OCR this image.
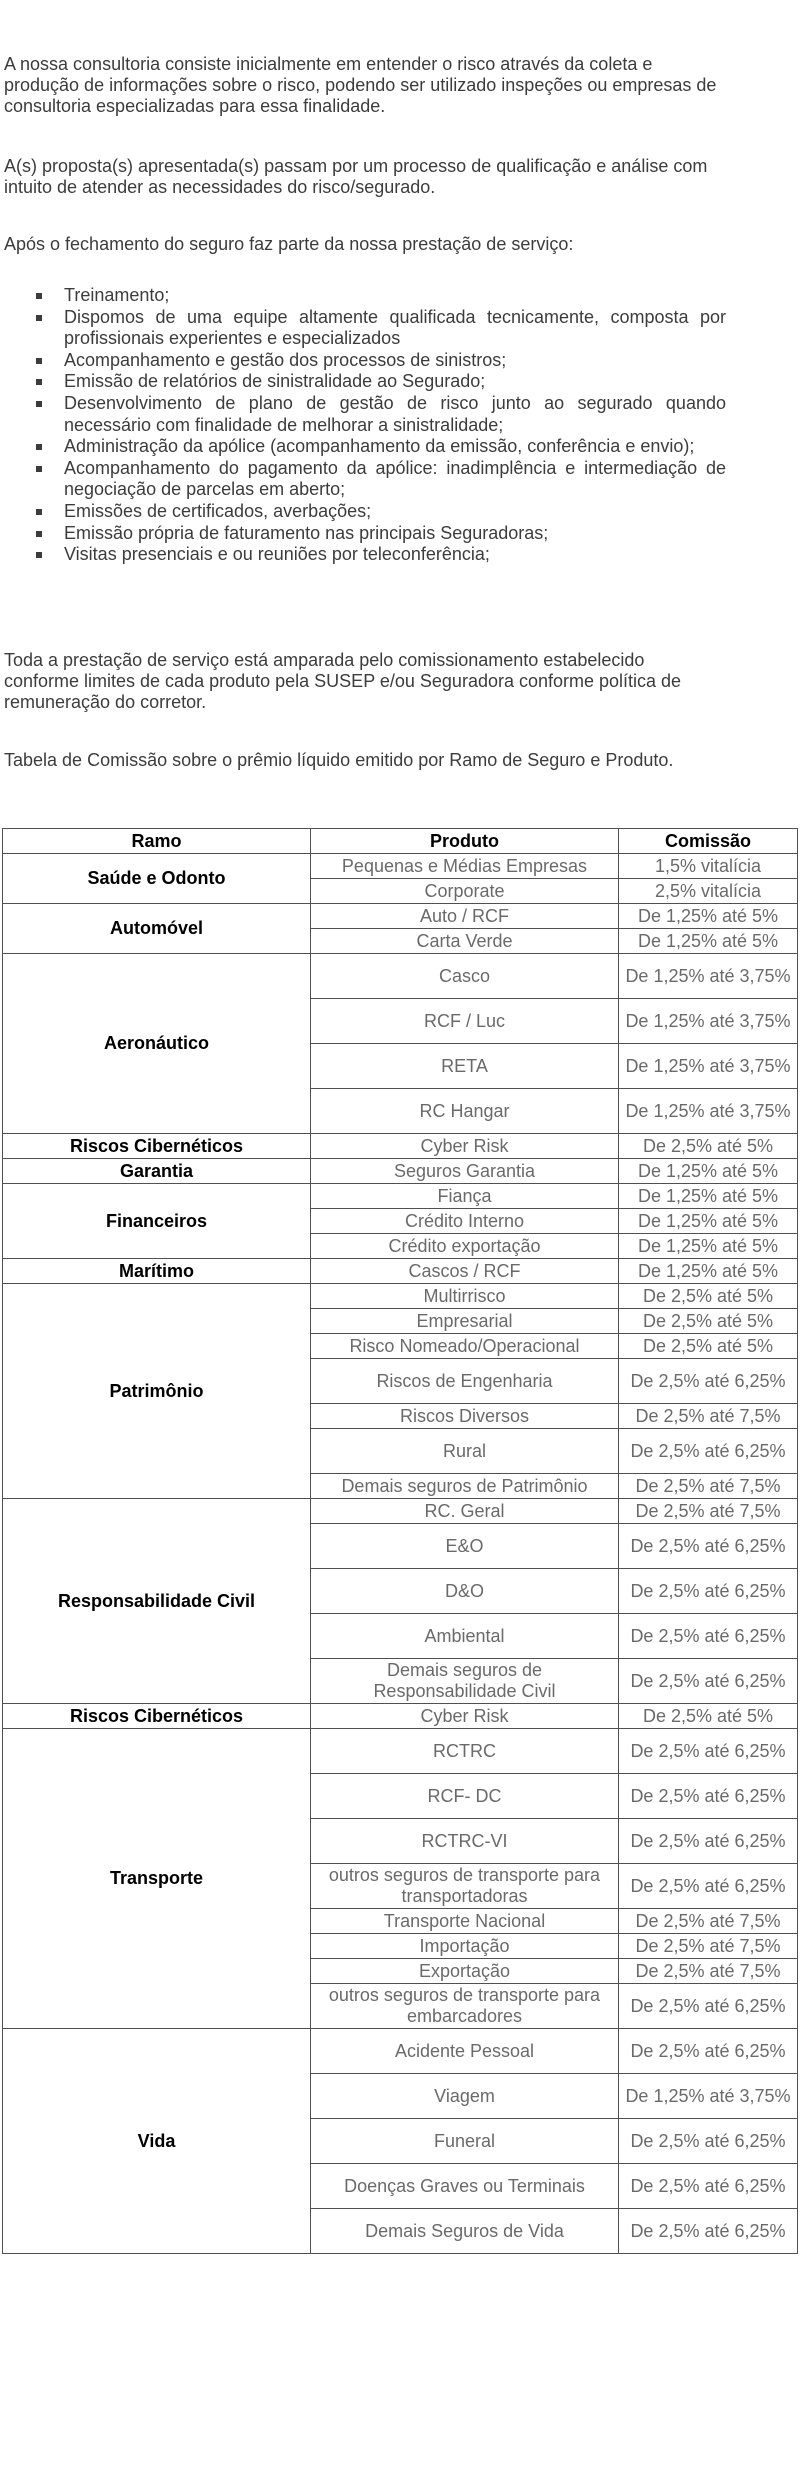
A nossa consultoria consiste inicialmente em entender o risco através da coleta e produção de informações sobre o risco, podendo ser utilizado inspeções ou empresas de consultoria especializadas para essa finalidade.

A(s) proposta(s) apresentada(s) passam por um processo de qualificação e análise com intuito de atender as necessidades do risco/segurado.

Após o fechamento do seguro faz parte da nossa prestação de serviço:

Treinamento;
Dispomos de uma equipe altamente qualificada tecnicamente, composta por profissionais experientes e especializados
Acompanhamento e gestão dos processos de sinistros;
Emissão de relatórios de sinistralidade ao Segurado;
Desenvolvimento de plano de gestão de risco junto ao segurado quando necessário com finalidade de melhorar a sinistralidade;
Administração da apólice (acompanhamento da emissão, conferência e envio);
Acompanhamento do pagamento da apólice: inadimplência e intermediação de negociação de parcelas em aberto;
Emissões de certificados, averbações;
Emissão própria de faturamento nas principais Seguradoras;
Visitas presenciais e ou reuniões por teleconferência;

Toda a prestação de serviço está amparada pelo comissionamento estabelecido conforme limites de cada produto pela SUSEP e/ou Seguradora conforme política de remuneração do corretor.

Tabela de Comissão sobre o prêmio líquido emitido por Ramo de Seguro e Produto.

Ramo	Produto	Comissão
Saúde e Odonto	Pequenas e Médias Empresas	1,5% vitalícia
	Corporate	2,5% vitalícia
Automóvel	Auto / RCF	De 1,25% até 5%
	Carta Verde	De 1,25% até 5%
Aeronáutico	Casco	De 1,25% até 3,75%
	RCF / Luc	De 1,25% até 3,75%
	RETA	De 1,25% até 3,75%
	RC Hangar	De 1,25% até 3,75%
Riscos Cibernéticos	Cyber Risk	De 2,5% até 5%
Garantia	Seguros Garantia	De 1,25% até 5%
Financeiros	Fiança	De 1,25% até 5%
	Crédito Interno	De 1,25% até 5%
	Crédito exportação	De 1,25% até 5%
Marítimo	Cascos / RCF	De 1,25% até 5%
Patrimônio	Multirrisco	De 2,5% até 5%
	Empresarial	De 2,5% até 5%
	Risco Nomeado/Operacional	De 2,5% até 5%
	Riscos de Engenharia	De 2,5% até 6,25%
	Riscos Diversos	De 2,5% até 7,5%
	Rural	De 2,5% até 6,25%
	Demais seguros de Patrimônio	De 2,5% até 7,5%
Responsabilidade Civil	RC. Geral	De 2,5% até 7,5%
	E&O	De 2,5% até 6,25%
	D&O	De 2,5% até 6,25%
	Ambiental	De 2,5% até 6,25%
	Demais seguros de Responsabilidade Civil	De 2,5% até 6,25%
Riscos Cibernéticos	Cyber Risk	De 2,5% até 5%
Transporte	RCTRC	De 2,5% até 6,25%
	RCF- DC	De 2,5% até 6,25%
	RCTRC-VI	De 2,5% até 6,25%
	outros seguros de transporte para transportadoras	De 2,5% até 6,25%
	Transporte Nacional	De 2,5% até 7,5%
	Importação	De 2,5% até 7,5%
	Exportação	De 2,5% até 7,5%
	outros seguros de transporte para embarcadores	De 2,5% até 6,25%
Vida	Acidente Pessoal	De 2,5% até 6,25%
	Viagem	De 1,25% até 3,75%
	Funeral	De 2,5% até 6,25%
	Doenças Graves ou Terminais	De 2,5% até 6,25%
	Demais Seguros de Vida	De 2,5% até 6,25%
